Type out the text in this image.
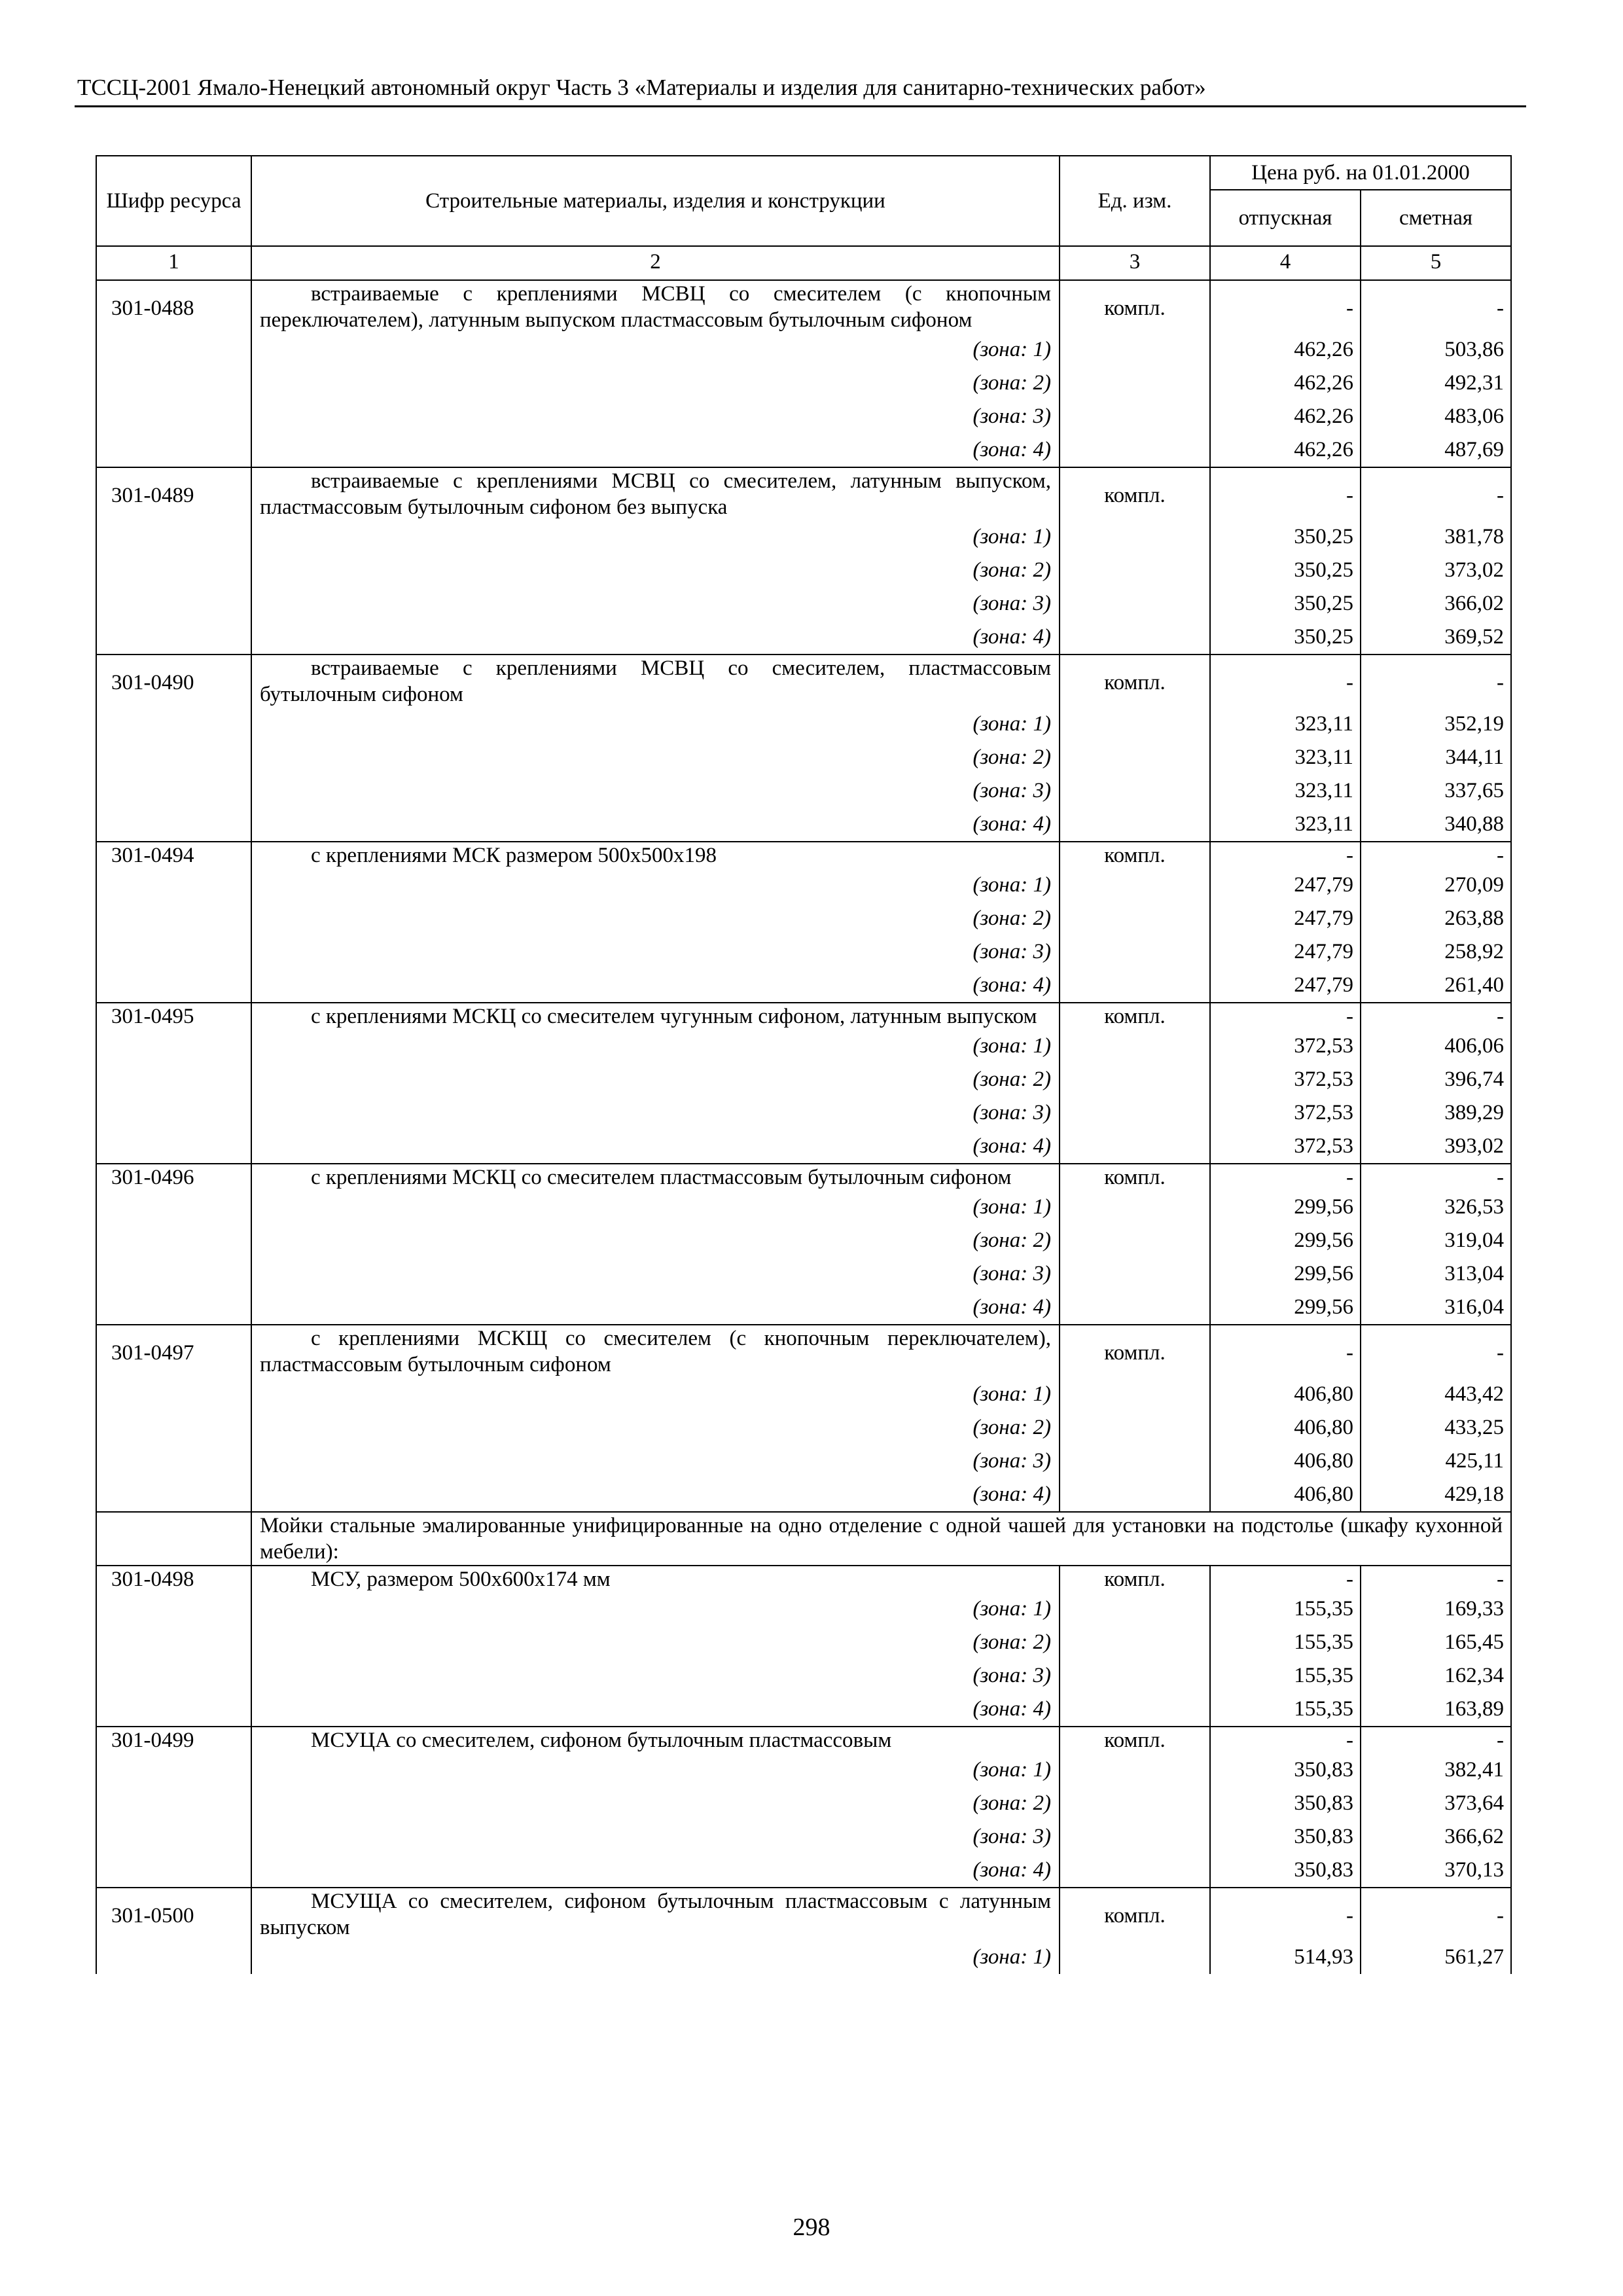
ТССЦ-2001 Ямало-Ненецкий автономный округ Часть 3 «Материалы и изделия для санитарно-технических работ»
Шифр ресурса	Строительные материалы, изделия и конструкции	Ед. изм.	Цена руб. на 01.01.2000	
			отпускная	сметная
1	2	3	4	5
301-0488	встраиваемые с креплениями МСВЦ со смесителем (с кнопочным переключателем), латунным выпуском пластмассовым бутылочным сифоном	компл.	-	-
	(зона: 1)		462,26	503,86
	(зона: 2)		462,26	492,31
	(зона: 3)		462,26	483,06
	(зона: 4)		462,26	487,69
301-0489	встраиваемые с креплениями МСВЦ со смесителем, латунным выпуском, пластмассовым бутылочным сифоном без выпуска	компл.	-	-
	(зона: 1)		350,25	381,78
	(зона: 2)		350,25	373,02
	(зона: 3)		350,25	366,02
	(зона: 4)		350,25	369,52
301-0490	встраиваемые с креплениями МСВЦ со смесителем, пластмассовым бутылочным сифоном	компл.	-	-
	(зона: 1)		323,11	352,19
	(зона: 2)		323,11	344,11
	(зона: 3)		323,11	337,65
	(зона: 4)		323,11	340,88
301-0494	с креплениями МСК размером 500х500х198	компл.	-	-
	(зона: 1)		247,79	270,09
	(зона: 2)		247,79	263,88
	(зона: 3)		247,79	258,92
	(зона: 4)		247,79	261,40
301-0495	с креплениями МСКЦ со смесителем чугунным сифоном, латунным выпуском	компл.	-	-
	(зона: 1)		372,53	406,06
	(зона: 2)		372,53	396,74
	(зона: 3)		372,53	389,29
	(зона: 4)		372,53	393,02
301-0496	с креплениями МСКЦ со смесителем пластмассовым бутылочным сифоном	компл.	-	-
	(зона: 1)		299,56	326,53
	(зона: 2)		299,56	319,04
	(зона: 3)		299,56	313,04
	(зона: 4)		299,56	316,04
301-0497	с креплениями МСКЩ со смесителем (с кнопочным переключателем), пластмассовым бутылочным сифоном	компл.	-	-
	(зона: 1)		406,80	443,42
	(зона: 2)		406,80	433,25
	(зона: 3)		406,80	425,11
	(зона: 4)		406,80	429,18
	Мойки стальные эмалированные унифицированные на одно отделение с одной чашей для установки на подстолье (шкафу кухонной мебели):			
301-0498	МСУ, размером 500х600х174 мм	компл.	-	-
	(зона: 1)		155,35	169,33
	(зона: 2)		155,35	165,45
	(зона: 3)		155,35	162,34
	(зона: 4)		155,35	163,89
301-0499	МСУЦА со смесителем, сифоном бутылочным пластмассовым	компл.	-	-
	(зона: 1)		350,83	382,41
	(зона: 2)		350,83	373,64
	(зона: 3)		350,83	366,62
	(зона: 4)		350,83	370,13
301-0500	МСУЩА со смесителем, сифоном бутылочным пластмассовым с латунным выпуском	компл.	-	-
	(зона: 1)		514,93	561,27
298
